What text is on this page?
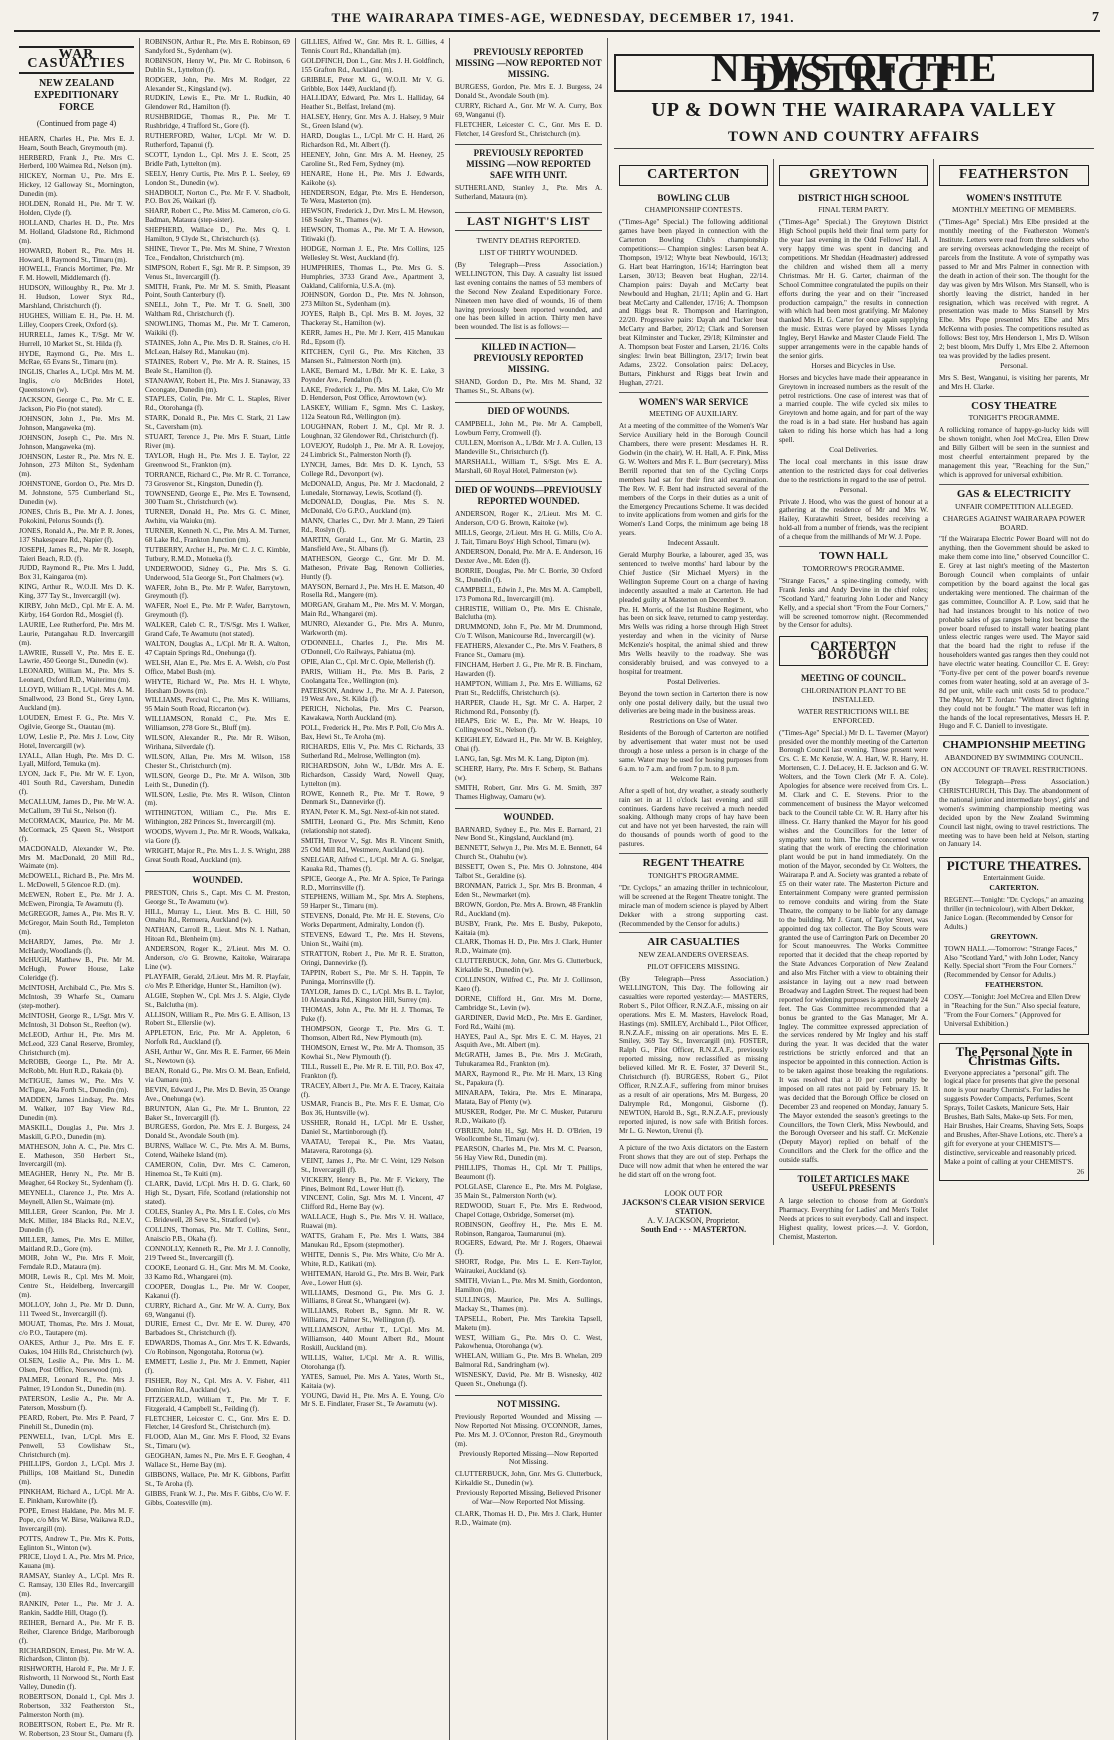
THE WAIRARAPA TIMES-AGE, WEDNESDAY, DECEMBER 17, 1941.	7
WAR CASUALTIES
NEW ZEALAND EXPEDITIONARY FORCE
(Continued from page 4)

HEARN, Charles H., Pte. Mrs E. J. Hearn, South Beach, Greymouth (m).

HERBERD, Frank J., Pte. Mrs C. Herberd, 100 Waimea Rd., Nelson (m).

HICKEY, Norman U., Pte. Mrs E. Hickey, 12 Galloway St., Mornington, Dunedin (m).

HOLDEN, Ronald H., Pte. Mr T. W. Holden, Clyde (f).

HOLLAND, Charles H. D., Pte. Mrs M. Holland, Gladstone Rd., Richmond (m).

HOWARD, Robert R., Pte. Mrs H. Howard, 8 Raymond St., Timaru (m).

HOWELL, Francis Mortimer, Pte. Mr F. M. Howell, Middlemarch (f).

HUDSON, Willoughby R., Pte. Mr J. H. Hudson, Lower Styx Rd., Marshland, Christchurch (f).

HUGHES, William E. H., Pte. H. M. Lilley, Coopers Creek, Oxford (s).

HURRELL, James K., T/Sgt. Mr W. Hurrell, 10 Market St., St. Hilda (f).

HYDE, Raymond G., Pte. Mrs L. McRae, 65 Evans St., Timaru (m).

INGLIS, Charles A., L/Cpl. Mrs M. M. Inglis, c/o McBrides Hotel, Queenstown (w).

JACKSON, George C., Pte. Mr C. E. Jackson, Pio Pio (not stated).

JOHNSON, John J., Pte. Mrs M. Johnson, Mangaweka (m).

JOHNSON, Joseph C., Pte. Mrs N. Johnson, Mangaweka (m).

JOHNSON, Lester R., Pte. Mrs N. E. Johnson, 273 Milton St., Sydenham (m).

JOHNSTONE, Gordon O., Pte. Mrs D. M. Johnstone, 575 Cumberland St., Dunedin (w).

JONES, Chris B., Pte. Mr A. J. Jones, Pokokini, Pelorus Sounds (f).

JONES, Ronald A., Pte. Mr P. R. Jones, 137 Shakespeare Rd., Napier (f).

JOSEPH, James R., Pte. Mr R. Joseph, Taieri Beach, R.D. (f).

JUDD, Raymond R., Pte. Mrs I. Judd, Box 31, Kaingaroa (m).

KING, Arthur R., W.O.II. Mrs D. K. King, 377 Tay St., Invercargill (w).

KIRBY, John McD., Cpl. Mr E. A. M. Kirby, 164 Gordon Rd., Mosgiel (f).

LAURIE, Lee Rutherford, Pte. Mrs M. Laurie, Putangahau R.D. Invercargill (m).

LAWRIE, Russell V., Pte. Mrs E. E. Lawrie, 450 George St., Dunedin (w).

LEONARD, William M., Pte. Mrs S. Leonard, Oxford R.D., Waiterimu (m).

LLOYD, William R., L/Cpl. Mrs A. M. Smallwood, 23 Bond St., Grey Lynn, Auckland (m).

LOUDEN, Ernest F. G., Pte. Mrs V. Ogilvie, George St., Otautau (m).

LOW, Leslie P., Pte. Mrs J. Low, City Hotel, Invercargill (w).

LYALL, Allan Hugh, Pte. Mrs D. C. Lyall, Milford, Temuka (m).

LYON, Jack F., Pte. Mr W. F. Lyon, 401 South Rd., Caversham, Dunedin (f).

McCALLUM, James D., Pte. Mr W. A. McCallum, 39 Tui St., Nelson (f).

McCORMACK, Maurice, Pte. Mr M. McCormack, 25 Queen St., Westport (f).

MACDONALD, Alexander W., Pte. Mrs M. MacDonald, 20 Mill Rd., Waimate (m).

McDOWELL, Richard B., Pte. Mrs M. L. McDowell, 5 Glencoe R.D. (m).

McEWEN, Robert E., Pte. Mr J. A. McEwen, Pirongia, Te Awamutu (f).

McGREGOR, James A., Pte. Mrs R. V. McGregor, Main South Rd., Templeton (m).

McHARDY, James, Pte. Mr J. McHardy, Woodlands (f).

McHUGH, Matthew B., Pte. Mr M. McHugh, Power House, Lake Coleridge (f).

McINTOSH, Archibald C., Pte. Mrs S. McIntosh, 39 Wharfe St., Oamaru (step-mother).

McINTOSH, George R., L/Sgt. Mrs V. McIntosh, 31 Dobson St., Reefton (w).

McLEOD, Arthur H., Pte. Mrs M. McLeod, 323 Canal Reserve, Bromley, Christchurch (m).

McROBB, George L., Pte. Mr A. McRobb, Mt. Hutt R.D., Rakaia (b).

McTIGUE, James W., Pte. Mrs V. McTigue, 24a Forth St., Dunedin (m).

MADDEN, James Lindsay, Pte. Mrs M. Walker, 107 Bay View Rd., Dunedin (m).

MASKILL, Douglas J., Pte. Mrs J. Maskill, G.P.O., Dunedin (m).

MATHESON, John A. C., Pte. Mrs C. E. Matheson, 350 Herbert St., Invercargill (m).

MEAGHER, Henry N., Pte. Mr B. Meagher, 64 Rockey St., Sydenham (f).

MEYNELL, Clarence J., Pte. Mrs A. Meynell, Allen St., Waimate (m).

MILLER, Greer Scanlon, Pte. Mr J. McK. Miller, 184 Blacks Rd., N.E.V., Dunedin (f).

MILLER, James, Pte. Mrs E. Miller, Maitland R.D., Gore (m).

MOIR, John W., Pte. Mrs F. Moir, Ferndale R.D., Mataura (m).

MOIR, Lewis R., Cpl. Mrs M. Moir, Centre St., Heidelberg, Invercargill (m).

MOLLOY, John J., Pte. Mr D. Dunn, 111 Tweed St., Invercargill (f).

MOUAT, Thomas, Pte. Mrs J. Mouat, c/o P.O., Tautapere (m).

OAKES, Arthur J., Pte. Mrs E. F. Oakes, 104 Hills Rd., Christchurch (w).

OLSEN, Leslie A., Pte. Mrs L. M. Olsen, Post Office, Norsewood (m).

PALMER, Leonard R., Pte. Mrs J. Palmer, 19 London St., Dunedin (m).

PATERSON, Leslie A., Pte. Mr A. Paterson, Mossburn (f).

PEARD, Robert, Pte. Mrs P. Peard, 7 Pinehill St., Dunedin (m).

PENWELL, Ivan, L/Cpl. Mrs E. Penwell, 53 Cowlishaw St., Christchurch (m).

PHILLIPS, Gordon J., L/Cpl. Mrs J. Phillips, 108 Maitland St., Dunedin (m).

PINKHAM, Richard A., L/Cpl. Mr A. E. Pinkham, Kurowhite (f).

POPE, Ernest Haldane, Pte. Mrs M. F. Pope, c/o Mrs W. Birse, Waikawa R.D., Invercargill (m).

POTTS, Andrew T., Pte. Mrs K. Potts, Eglinton St., Winton (w).

PRICE, Lloyd I. A., Pte. Mrs M. Price, Kauana (m).

RAMSAY, Stanley A., L/Cpl. Mrs R. C. Ramsay, 130 Elles Rd., Invercargill (m).

RANKIN, Peter L., Pte. Mr J. A. Rankin, Saddle Hill, Otago (f).

REIHER, Bernard A., Pte. Mr F. B. Reiher, Clarence Bridge, Marlborough (f).

RICHARDSON, Ernest, Pte. Mr W. A. Richardson, Clinton (b).

RISHWORTH, Harold F., Pte. Mr J. F. Rishworth, 11 Norwood St., North East Valley, Dunedin (f).

ROBERTSON, Donald I., Cpl. Mrs J. Robertson, 332 Featherston St., Palmerston North (m).

ROBERTSON, Robert E., Pte. Mr R. W. Robertson, 23 Stour St., Oamaru (f).

ROBINSON, Arthur R., Pte. Mrs E. Robinson, 69 Sandyford St., Sydenham (w).

ROBINSON, Henry W., Pte. Mr C. Robinson, 6 Dublin St., Lyttelton (f).

RODGER, John, Pte. Mrs M. Rodger, 22 Alexander St., Kingsland (w).

RUDKIN, Lewis E., Pte. Mr L. Rudkin, 40 Glendower Rd., Hamilton (f).

RUSHBRIDGE, Thomas R., Pte. Mr T. Rushbridge, 4 Trafford St., Gore (f).

RUTHERFORD, Walter, L/Cpl. Mr W. D. Rutherford, Tapanui (f).

SCOTT, Lyndon L., Cpl. Mrs J. E. Scott, 25 Bridle Path, Lyttelton (m).

SEELY, Henry Curtis, Pte. Mrs P. L. Seeley, 69 London St., Dunedin (w).

SHADBOLT, Norton C., Pte. Mr F. V. Shadbolt, P.O. Box 26, Waikari (f).

SHARP, Robert C., Pte. Miss M. Cameron, c/o G. Badman, Mataura (step-sister).

SHEPHERD, Wallace D., Pte. Mrs Q. I. Hamilton, 9 Clyde St., Christchurch (s).

SHINE, Trevor T., Pte. Mrs M. Shine, 7 Wrexton Tce., Fendalton, Christchurch (m).

SIMPSON, Robert F., Sgt. Mr R. P. Simpson, 39 Venus St., Invercargill (f).

SMITH, Frank, Pte. Mr M. S. Smith, Pleasant Point, South Canterbury (f).

SNELL, John T., Pte. Mr T. G. Snell, 300 Waltham Rd., Christchurch (f).

SNOWLING, Thomas M., Pte. Mr T. Cameron, Waikiki (f).

STAINES, John A., Pte. Mrs D. R. Staines, c/o H. McLean, Halsey Rd., Manukau (m).

STAINES, Robert V., Pte. Mr A. R. Staines, 15 Beale St., Hamilton (f).

STANAWAY, Robert H., Pte. Mrs J. Stanaway, 33 Cecongate, Dunedin (m).

STAPLES, Colin, Pte. Mr C. L. Staples, River Rd., Otorohanga (f).

STARK, Donald R., Pte. Mrs C. Stark, 21 Law St., Caversham (m).

STUART, Terence J., Pte. Mrs F. Stuart, Little River (m).

TAYLOR, Hugh H., Pte. Mrs J. E. Taylor, 22 Greenwood St., Frankton (m).

TORRANCE, Richard C., Pte. Mr R. C. Torrance, 73 Grosvenor St., Kingston, Dunedin (f).

TOWNSEND, George E., Pte. Mrs E. Townsend, 300 Tuam St., Christchurch (w).

TURNER, Donald H., Pte. Mrs G. C. Miner, Awhitu, via Waiuku (m).

TURNER, Kenneth N. C., Pte. Mrs A. M. Turner, 68 Lake Rd., Frankton Junction (m).

TUTBERRY, Archer H., Pte. Mr C. J. C. Kimble, Tutbury, R.M.D., Motueka (f).

UNDERWOOD, Sidney G., Pte. Mrs S. G. Underwood, 51a George St., Port Chalmers (w).

WAFER, John B., Pte. Mr P. Wafer, Barrytown, Greymouth (f).

WAFER, Noel E., Pte. Mr P. Wafer, Barrytown, Greymouth (f).

WALKER, Caleb C. R., T/S/Sgt. Mrs I. Walker, Grand Cafe, Te Awamutu (not stated).

WALTON, Douglas A., L/Cpl. Mr R. A. Walton, 47 Captain Springs Rd., Onehunga (f).

WELSH, Alan E., Pte. Mrs E. A. Welsh, c/o Post Office, Mabel Bush (m).

WHYTE, Richard W., Pte. Mrs H. I. Whyte, Horsham Downs (m).

WILLIAMS, Percival C., Pte. Mrs K. Williams, 95 Main South Road, Riccarton (w).

WILLIAMSON, Ronald C., Pte. Mrs E. Williamson, 278 Gore St., Bluff (m).

WILSON, Alexander R., Pte. Mr R. Wilson, Wirihana, Silverdale (f).

WILSON, Allan, Pte. Mrs M. Wilson, 158 Chester St., Christchurch (m).

WILSON, George D., Pte. Mr A. Wilson, 30b Leith St., Dunedin (f).

WILSON, Leslie, Pte. Mrs R. Wilson, Clinton (m).

WITHINGTON, William C., Pte. Mrs E. Withington, 282 Princes St., Invercargill (m).

WOODS, Wyvern J., Pte. Mr R. Woods, Walkaka, via Gore (f).

WRIGHT, Major R., Pte. Mrs L. J. S. Wright, 288 Great South Road, Auckland (m).

WOUNDED.

PRESTON, Chris S., Capt. Mrs C. M. Preston, George St., Te Awamutu (w).

HILL, Murray L., Lieut. Mrs B. C. Hill, 50 Omahu Rd., Remuera, Auckland (w).

NATHAN, Carroll R., Lieut. Mrs N. I. Nathan, Hitoan Rd., Blenheim (m).

ANDERSON, Roger K., 2/Lieut. Mrs M. O. Anderson, c/o G. Browne, Kaitoke, Wairarapa Line (w).

PLAYFAIR, Gerald, 2/Lieut. Mrs M. R. Playfair, c/o Mrs P. Etheridge, Hunter St., Hamilton (w).

ALGIE, Stephen W., Cpl. Mrs J. S. Algie, Clyde St., Balclutha (m).

ALLISON, William R., Pte. Mrs G. E. Allison, 13 Robert St., Ellerslie (w).

APPLETON, Eric, Pte. Mr A. Appleton, 6 Norfolk Rd., Auckland (f).

ASH, Arthur W., Gnr. Mrs R. E. Farmer, 66 Mein St., Newtown (s).

BEAN, Ronald G., Pte. Mrs O. M. Bean, Enfield, via Oamaru (m).

BEVIN, Edward J., Pte. Mrs D. Bevin, 35 Orange Ave., Onehunga (w).

BRUNTON, Alan G., Pte. Mr L. Brunton, 22 Baker St., Invercargill (f).

BURGESS, Gordon, Pte. Mrs E. J. Burgess, 24 Donald St., Avondale South (m).

BURNS, Wallace W. C., Pte. Mrs A. M. Burns, Cotend, Waiheke Island (m).

CAMERON, Colin, Dvr. Mrs C. Cameron, Hinemoa St., Te Kuiti (m).

CLARK, David, L/Cpl. Mrs H. D. G. Clark, 60 High St., Dysart, Fife, Scotland (relationship not stated).

COLES, Stanley A., Pte. Mrs I. E. Coles, c/o Mrs C. Bridewell, 28 Seve St., Stratford (w).

COLLINS, Thomas, Pte. Mr T. Collins, Senr., Anaiscio P.B., Okaha (f).

CONNOLLY, Kenneth R., Pte. Mr J. J. Connolly, 219 Tweed St., Invercargill (f).

COOKE, Leonard G. H., Gnr. Mrs M. M. Cooke, 33 Kamo Rd., Whangarei (m).

COOPER, Douglas L., Pte. Mr W. Cooper, Kakanui (f).

CURRY, Richard A., Gnr. Mr W. A. Curry, Box 69, Wanganui (f).

DURIE, Ernest C., Dvr. Mr E. W. Durey, 470 Barbadoes St., Christchurch (f).

EDWARDS, Thomas A., Gnr. Mrs T. K. Edwards, C/o Robinson, Ngongotaha, Rotorua (w).

EMMETT, Leslie J., Pte. Mr J. Emmett, Napier (f).

FISHER, Roy N., Cpl. Mrs A. V. Fisher, 411 Dominion Rd., Auckland (w).

FITZGERALD, William T., Pte. Mr T. F. Fitzgerald, 4 Campbell St., Feilding (f).

FLETCHER, Leicester C. C., Gnr. Mrs E. D. Fletcher, 14 Gresford St., Christchurch (m).

FLOOD, Alan M., Gnr. Mrs F. Flood, 32 Evans St., Timaru (w).

GEOGHAN, James N., Pte. Mrs E. F. Geoghan, 4 Wallace St., Herne Bay (m).

GIBBONS, Wallace, Pte. Mr K. Gibbons, Parfitt St., Te Aroha (f).

GIBBS, Frank W. J., Pte. Mrs F. Gibbs, C/o W. F. Gibbs, Coatesville (m).

GILLIES, Alfred W., Gnr. Mrs R. L. Gillies, 4 Tennis Court Rd., Khandallah (m).

GOLDFINCH, Don L., Gnr. Mrs J. H. Goldfinch, 155 Grafton Rd., Auckland (m).

GRIBBLE, Peter M. G., W.O.II. Mr V. G. Gribble, Box 1449, Auckland (f).

HALLIDAY, Edward, Pte. Mrs L. Halliday, 64 Heather St., Belfast, Ireland (m).

HALSEY, Henry, Gnr. Mrs A. J. Halsey, 9 Muir St., Green Island (w).

HARD, Douglas L., L/Cpl. Mr C. H. Hard, 26 Richardson Rd., Mt. Albert (f).

HEENEY, John, Gnr. Mrs A. M. Heeney, 25 Caroline St., Red Fern, Sydney (m).

HENARE, Hone H., Pte. Mrs J. Edwards, Kaikohe (s).

HENDERSON, Edgar, Pte. Mrs E. Henderson, Te Wera, Masterton (m).

HEWSON, Frederick J., Dvr. Mrs L. M. Hewson, 168 Sealey St., Thames (w).

HEWSON, Thomas A., Pte. Mr T. A. Hewson, Titiwaki (f).

HODGE, Norman J. E., Pte. Mrs Collins, 125 Wellesley St. West, Auckland (fr).

HUMPHRIES, Thomas L., Pte. Mrs G. S. Humphries, 3733 Grand Ave., Apartment 3, Oakland, California, U.S.A. (m).

JOHNSON, Gordon D., Pte. Mrs N. Johnson, 273 Milton St., Sydenham (m).

JOYES, Ralph B., Cpl. Mrs B. M. Joyes, 32 Thackeray St., Hamilton (w).

KERR, James H., Pte. Mr J. Kerr, 415 Manukau Rd., Epsom (f).

KITCHEN, Cyril G., Pte. Mrs Kitchen, 33 Mansen St., Palmerston North (m).

LAKE, Bernard M., L/Bdr. Mr K. E. Lake, 3 Poynder Ave., Fendalton (f).

LAKE, Frederick J., Pte. Mrs M. Lake, C/o Mr D. Henderson, Post Office, Arrowtown (w).

LASKEY, William F., Sgmn. Mrs C. Laskey, 112a Seatoun Rd., Wellington (m).

LOUGHNAN, Robert J. M., Cpl. Mr R. J. Loughnan, 32 Glendower Rd., Christchurch (f).

LOVEJOY, Rudolph J., Pte. Mr A. R. Lovejoy, 24 Limbrick St., Palmerston North (f).

LYNCH, James, Bdr. Mrs D. K. Lynch, 53 College Rd., Devonport (w).

McDONALD, Angus, Pte. Mr J. Macdonald, 2 Lunedale, Stornaway, Lewis, Scotland (f).

McDONALD, Douglas, Pte. Mrs S. N. McDonald, C/o G.P.O., Auckland (m).

MANN, Charles C., Dvr. Mr J. Mann, 29 Taieri Rd., Roslyn (f).

MARTIN, Gerald L., Gnr. Mr G. Martin, 23 Mansfield Ave., St. Albans (f).

MATHESON, George C., Gnr. Mr D. M. Matheson, Private Bag, Renown Collieries, Huntly (f).

MAYSON, Bernard J., Pte. Mrs H. E. Matson, 40 Rosella Rd., Mangere (m).

MORGAN, Graham M., Pte. Mrs M. V. Morgan, Main Rd., Whangarei (m).

MUNRO, Alexander G., Pte. Mrs A. Munro, Warkworth (m).

O'DONNELL, Charles J., Pte. Mrs M. O'Donnell, C/o Railways, Pahiatua (m).

OPIE, Alan C., Cpl. Mr C. Opie, Mellerish (f).

PARIS, William H., Pte. Mrs B. Paris, 2 Coolangatta Tce., Wellington (m).

PATERSON, Andrew J., Pte. Mr A. J. Paterson, 19 West Ave., St. Kilda (f).

PERICH, Nicholas, Pte. Mrs C. Pearson, Kawakawa, North Auckland (m).

POLL, Frederick H., Pte. Mrs P. Poll, C/o Mrs A. Bax, Hewi St., Te Aroha (m).

RICHARDS, Ellis V., Pte. Mrs C. Richards, 33 Sutherland Rd., Melrose, Wellington (m).

RICHARDSON, John W., L/Bdr. Mrs A. E. Richardson, Cassidy Ward, Nowell Quay, Lyttelton (m).

ROWE, Kenneth R., Pte. Mr T. Rowe, 9 Denmark St., Dannevirke (f).

RYAN, Peter K. M., Sgt. Next-of-kin not stated.

SMITH, Leonard G., Pte. Mrs Schmitt, Keno (relationship not stated).

SMITH, Trevor V., Sgt. Mrs R. Vincent Smith, 25 Old Mill Rd., Westmere, Auckland (m).

SNELGAR, Alfred C., L/Cpl. Mr A. G. Snelgar, Kauaka Rd., Thames (f).

SPICE, George A., Pte. Mr A. Spice, Te Paringa R.D., Morrinsville (f).

STEPHENS, William M., Spr. Mrs A. Stephens, 59 Harper St., Timaru (m).

STEVENS, Donald, Pte. Mr H. E. Stevens, C/o Works Department, Admiralty, London (f).

STEVENS, Edward T., Pte. Mrs H. Stevens, Union St., Waihi (m).

STRATTON, Robert J., Pte. Mr R. E. Stratton, Oringi, Dannevirke (f).

TAPPIN, Robert S., Pte. Mr S. H. Tappin, Te Puninga, Morrinsville (f).

TAYLOR, James D. C., L/Cpl. Mrs B. L. Taylor, 10 Alexandra Rd., Kingston Hill, Surrey (m).

THOMAS, John A., Pte. Mr H. J. Thomas, Te Puke (f).

THOMPSON, George T., Pte. Mrs G. T. Thomson, Albert Rd., New Plymouth (m).

THOMSON, Ernest W., Pte. Mr A. Thomson, 35 Kowhai St., New Plymouth (f).

TILL, Russell E., Pte. Mr R. E. Till, P.O. Box 47, Frankton (f).

TRACEY, Albert J., Pte. Mr A. E. Tracey, Kaitaia (f).

USMAR, Francis B., Pte. Mrs F. E. Usmar, C/o Box 36, Huntsville (w).

USSHER, Ronald H., L/Cpl. Mr E. Ussher, Daniel St., Martinborough (f).

VAATAU, Terepai K., Pte. Mrs Vaatau, Matavera, Rarotonga (s).

VEINT, James J., Pte. Mr C. Veint, 129 Nelson St., Invercargill (f).

VICKERY, Henry B., Pte. Mr F. Vickery, The Pines, Belmont Rd., Lower Hutt (f).

VINCENT, Colin, Sgt. Mrs M. I. Vincent, 47 Clifford Rd., Herne Bay (w).

WALLACE, Hugh S., Pte. Mrs V. H. Wallace, Ruawai (m).

WATTS, Graham F., Pte. Mrs I. Watts, 384 Manukau Rd., Epsom (stepmother).

WHITE, Dennis S., Pte. Mrs White, C/o Mr A. White, R.D., Katikati (m).

WHITEMAN, Harold G., Pte. Mrs B. Weir, Park Ave., Lower Hutt (s).

WILLIAMS, Desmond G., Pte. Mrs G. J. Williams, 8 Great St., Whangarei (w).

WILLIAMS, Robert B., Sgmn. Mr R. W. Williams, 21 Palmer St., Wellington (f).

WILLIAMSON, Arthur T., L/Cpl. Mrs M. Williamson, 440 Mount Albert Rd., Mount Roskill, Auckland (m).

WILLIS, Walter, L/Cpl. Mr A. R. Willis, Otorohanga (f).

YATES, Samuel, Pte. Mrs A. Yates, Worth St., Kaitaia (w).

YOUNG, David H., Pte. Mrs A. E. Young, C/o Mr S. E. Findlater, Fraser St., Te Awamutu (w).

PREVIOUSLY REPORTED MISSING —NOW REPORTED NOT MISSING.

BURGESS, Gordon, Pte. Mrs E. J. Burgess, 24 Donald St., Avondale South (m).

CURRY, Richard A., Gnr. Mr W. A. Curry, Box 69, Wanganui (f).

FLETCHER, Leicester C. C., Gnr. Mrs E. D. Fletcher, 14 Gresford St., Christchurch (m).

PREVIOUSLY REPORTED MISSING —NOW REPORTED SAFE WITH UNIT.

SUTHERLAND, Stanley J., Pte. Mrs A. Sutherland, Mataura (m).

LAST NIGHT'S LIST
TWENTY DEATHS REPORTED.
LIST OF THIRTY WOUNDED.

(By Telegraph—Press Association.) WELLINGTON, This Day. A casualty list issued last evening contains the names of 53 members of the Second New Zealand Expeditionary Force. Nineteen men have died of wounds, 16 of them having previously been reported wounded, and one has been killed in action. Thirty men have been wounded. The list is as follows:—

KILLED IN ACTION—PREVIOUSLY REPORTED MISSING.

SHAND, Gordon D., Pte. Mrs M. Shand, 32 Thames St., St. Albans (w).

DIED OF WOUNDS.

CAMPBELL, John M., Pte. Mr A. Campbell, Lowburn Ferry, Cromwell (f).

CULLEN, Morrison A., L/Bdr. Mr J. A. Cullen, 13 Mandeville St., Christchurch (f).

MARSHALL, William T., S/Sgt. Mrs E. A. Marshall, 60 Royal Hotel, Palmerston (w).

DIED OF WOUNDS—PREVIOUSLY REPORTED WOUNDED.

ANDERSON, Roger K., 2/Lieut. Mrs M. C. Anderson, C/O G. Brown, Kaitoke (w).

MILLS, George, 2/Lieut. Mrs H. G. Mills, C/o A. J. Tait, Timaru Boys' High School, Timaru (w).

ANDERSON, Donald, Pte. Mr A. E. Anderson, 16 Dexter Ave., Mt. Eden (f).

BORRIE, Douglas, Pte. Mr C. Borrie, 30 Oxford St., Dunedin (f).

CAMPBELL, Edwin J., Pte. Mrs M. A. Campbell, 173 Pomona Rd., Invercargill (m).

CHRISTIE, William O., Pte. Mrs E. Chisnale, Balclutha (m).

DRUMMOND, John F., Pte. Mr M. Drummond, C/o T. Wilson, Manicourse Rd., Invercargill (w).

FEATHERS, Alexander C., Pte. Mrs V. Feathers, 8 France St., Oamaru (m).

FINCHAM, Herbert J. G., Pte. Mr R. B. Fincham, Hawarden (f).

HAMPTON, William J., Pte. Mrs E. Williams, 62 Pratt St., Redcliffs, Christchurch (s).

HARPER, Claude H., Sgt. Mr C. A. Harper, 2 Richmond Rd., Ponsonby (f).

HEAPS, Eric W. E., Pte. Mr W. Heaps, 10 Collingwood St., Nelson (f).

KEIGHLEY, Edward H., Pte. Mr W. B. Keighley, Ohai (f).

LANG, Ian, Sgt. Mrs M. K. Lang, Dipton (m).

SCHERP, Harry, Pte. Mrs F. Scherp, St. Bathans (w).

SMITH, Robert, Gnr. Mrs G. M. Smith, 397 Thames Highway, Oamaru (w).

WOUNDED.

BARNARD, Sydney E., Pte. Mrs E. Barnard, 21 New Bond St., Kingsland, Auckland (m).

BENNETT, Selwyn J., Pte. Mrs M. E. Bennett, 64 Church St., Otahuhu (w).

BISSETT, Owen S., Pte. Mrs O. Johnstone, 404 Talbot St., Geraldine (s).

BRONMAN, Patrick J., Spr. Mrs B. Bronman, 4 Eden St., Newmarket (m).

BROWN, Gordon, Pte. Mrs A. Brown, 48 Franklin Rd., Auckland (m).

BUSBY, Frank, Pte. Mrs E. Busby, Pukepoto, Kaitaia (m).

CLARK, Thomas H. D., Pte. Mrs J. Clark, Hunter R.D., Waimate (m).

CLUTTERBUCK, John, Gnr. Mrs G. Clutterbuck, Kirkaldie St., Dunedin (w).

COLLINSON, Wilfred C., Pte. Mr J. Collinson, Kaeo (f).

DORNE, Clifford H., Gnr. Mrs M. Dorne, Cambridge St., Levin (w).

GARDINER, David McD., Pte. Mrs E. Gardiner, Ford Rd., Waihi (m).

HAYES, Paul A., Spr. Mrs E. C. M. Hayes, 21 Asquith Ave., Mt. Albert (m).

McGRATH, James B., Pte. Mrs J. McGrath, Tuhukaramea Rd., Frankton (m).

MARX, Raymond R., Pte. Mr H. Marx, 13 King St., Papakura (f).

MINARAPA, Tekira, Pte. Mrs E. Minarapa, Matata, Bay of Plenty (w).

MUSKER, Rodger, Pte. Mr C. Musker, Putaruru R.D., Waikato (f).

O'BRIEN, John H., Sgt. Mrs H. D. O'Brien, 19 Woollcombe St., Timaru (w).

PEARSON, Charles M., Pte. Mrs M. C. Pearson, 56 Hay View Rd., Dunedin (m).

PHILLIPS, Thomas H., Cpl. Mr T. Phillips, Beaumont (f).

POLGLASE, Clarence E., Pte. Mrs M. Polglase, 35 Main St., Palmerston North (w).

REDWOOD, Stuart F., Pte. Mrs E. Redwood, Chapel Cottage, Oxbridge, Somerset (m).

ROBINSON, Geoffrey H., Pte. Mrs E. M. Robinson, Rangaroa, Taumarunui (m).

ROGERS, Edward, Pte. Mr J. Rogers, Ohaewai (f).

SHORT, Rodge, Pte. Mrs L. E. Kerr-Taylor, Wairaukei, Auckland (s).

SMITH, Vivian L., Pte. Mrs M. Smith, Gordonton, Hamilton (m).

SULLINGS, Maurice, Pte. Mrs A. Sullings, Mackay St., Thames (m).

TAPSELL, Robert, Pte. Mrs Tarekita Tapsell, Maketu (m).

WEST, William G., Pte. Mrs O. C. West, Pakowhenua, Otorohanga (w).

WHELAN, William G., Pte. Mrs B. Whelan, 209 Balmoral Rd., Sandringham (w).

WISNESKY, David, Pte. Mr B. Wisnesky, 402 Queen St., Onehunga (f).

NOT MISSING.

Previously Reported Wounded and Missing — Now Reported Not Missing. O'CONNOR, James, Pte. Mrs M. J. O'Connor, Preston Rd., Greymouth (m).

Previously Reported Missing—Now Reported Not Missing.

CLUTTERBUCK, John, Gnr. Mrs G. Clutterbuck, Kirkaldie St., Dunedin (w).

Previously Reported Missing, Believed Prisoner of War—Now Reported Not Missing.

CLARK, Thomas H. D., Pte. Mrs J. Clark, Hunter R.D., Waimate (m).

NEWS OF THE DISTRICT
UP & DOWN THE WAIRARAPA VALLEY
TOWN AND COUNTRY AFFAIRS
CARTERTON
BOWLING CLUB
CHAMPIONSHIP CONTESTS.

("Times-Age" Special.) The following additional games have been played in connection with the Carterton Bowling Club's championship competitions:— Champion singles: Larsen beat A. Thompson, 19/12; Whyte beat Newbould, 16/13; G. Hart beat Harrington, 16/14; Harrington beat Larsen, 30/13; Beaven beat Hughan, 22/14. Champion pairs: Dayah and McCarty beat Newbould and Hughan, 21/11; Aplin and G. Hart beat McCarty and Callender, 17/16; A. Thompson and Riggs beat R. Thompson and Harrington, 22/20. Progressive pairs: Dayah and Tucker beat McCarty and Barber, 20/12; Clark and Sorensen beat Kilminster and Tucker, 29/18; Kilminster and A. Thompson beat Foster and Larsen, 21/16. Colts singles: Irwin beat Billington, 23/17; Irwin beat Adams, 23/22. Consolation pairs: DeLacey, Buttars, Pinkhurst and Riggs beat Irwin and Hughan, 27/21.

WOMEN'S WAR SERVICE
MEETING OF AUXILIARY.

At a meeting of the committee of the Women's War Service Auxiliary held in the Borough Council Chambers, there were present: Mesdames H. R. Godwin (in the chair), W. H. Hall, A. F. Pink, Miss G. W. Wolters and Mrs F. L. Burr (secretary). Miss Berrill reported that ten of the Cycling Corps members had sat for their first aid examination. The Rev. W. F. Bent had instructed several of the members of the Corps in their duties as a unit of the Emergency Precautions Scheme. It was decided to invite applications from women and girls for the Women's Land Corps, the minimum age being 18 years.

Indecent Assault.

Gerald Murphy Bourke, a labourer, aged 35, was sentenced to twelve months' hard labour by the Chief Justice (Sir Michael Myers) in the Wellington Supreme Court on a charge of having indecently assaulted a male at Carterton. He had pleaded guilty at Masterton on December 9.

Pte. H. Morris, of the 1st Rushine Regiment, who has been on sick leave, returned to camp yesterday. Mrs Wells was riding a horse through High Street yesterday and when in the vicinity of Nurse McKenzie's hospital, the animal shied and threw Mrs Wells heavily to the roadway. She was considerably bruised, and was conveyed to a hospital for treatment.

Postal Deliveries.

Beyond the town section in Carterton there is now only one postal delivery daily, but the usual two deliveries are being made in the business areas.

Restrictions on Use of Water.

Residents of the Borough of Carterton are notified by advertisement that water must not be used through a hose unless a person is in charge of the same. Water may be used for hosing purposes from 6 a.m. to 7 a.m. and from 7 p.m. to 8 p.m.

Welcome Rain.

After a spell of hot, dry weather, a steady southerly rain set in at 11 o'clock last evening and still continues. Gardens have received a much needed soaking. Although many crops of hay have been cut and have not yet been harvested, the rain will do thousands of pounds worth of good to the pastures.

REGENT THEATRE
TONIGHT'S PROGRAMME.

"Dr. Cyclops," an amazing thriller in technicolour, will be screened at the Regent Theatre tonight. The miracle man of modern science is played by Albert Dekker with a strong supporting cast. (Recommended by the Censor for adults.)

AIR CASUALTIES
NEW ZEALANDERS OVERSEAS.
PILOT OFFICERS MISSING.

(By Telegraph—Press Association.) WELLINGTON, This Day. The following air casualties were reported yesterday:— MASTERS, Robert S., Pilot Officer, R.N.Z.A.F., missing on air operations. Mrs E. M. Masters, Havelock Road, Hastings (m). SMILEY, Archibald L., Pilot Officer, R.N.Z.A.F., missing on air operations. Mrs E. E. Smiley, 369 Tay St., Invercargill (m). FOSTER, Ralph G., Pilot Officer, R.N.Z.A.F., previously reported missing, now reclassified as missing believed killed. Mr R. E. Foster, 37 Deveril St., Christchurch (f). BURGESS, Robert G., Pilot Officer, R.N.Z.A.F., suffering from minor bruises as a result of air operations, Mrs M. Burgess, 20 Dalrymple Rd., Mongonui, Gisborne (f). NEWTON, Harold B., Sgt., R.N.Z.A.F., previously reported injured, is now safe with British forces. Mr L. G. Newton, Urenui (f).

A picture of the two Axis dictators on the Eastern Front shows that they are out of step. Perhaps the Duce will now admit that when he entered the war he did start off on the wrong foot.

LOOK OUT FOR
JACKSON'S CLEAR VISION SERVICE STATION.
A. V. JACKSON, Proprietor.
South End · · · MASTERTON.
GREYTOWN
DISTRICT HIGH SCHOOL
FINAL TERM PARTY.

("Times-Age" Special.) The Greytown District High School pupils held their final term party for the year last evening in the Odd Fellows' Hall. A very happy time was spent in dancing and competitions. Mr Sheddan (Headmaster) addressed the children and wished them all a merry Christmas. Mr H. G. Carter, chairman of the School Committee congratulated the pupils on their efforts during the year and on their "increased production campaign," the results in connection with which had been most gratifying. Mr Maloney thanked Mrs H. G. Carter for once again supplying the music. Extras were played by Misses Lynda Ingley, Beryl Hawke and Master Claude Field. The supper arrangements were in the capable hands of the senior girls.

Horses and Bicycles in Use.

Horses and bicycles have made their appearance in Greytown in increased numbers as the result of the petrol restrictions. One case of interest was that of a married couple. The wife cycled six miles to Greytown and home again, and for part of the way the road is in a bad state. Her husband has again taken to riding his horse which has had a long spell.

Coal Deliveries.

The local coal merchants in this issue draw attention to the restricted days for coal deliveries due to the restrictions in regard to the use of petrol.

Personal.

Private J. Hood, who was the guest of honour at a gathering at the residence of Mr and Mrs W. Hailey, Kuratawhiti Street, besides receiving a hold-all from a number of friends, was the recipient of a cheque from the millhands of Mr W. J. Pope.

TOWN HALL
TOMORROW'S PROGRAMME.

"Strange Faces," a spine-tingling comedy, with Frank Jenks and Andy Devine in the chief roles; "Scotland Yard," featuring John Loder and Nancy Kelly, and a special short "From the Four Corners," will be screened tomorrow night. (Recommended by the Censor for adults).

CARTERTON BOROUGH
MEETING OF COUNCIL.
CHLORINATION PLANT TO BE INSTALLED.
WATER RESTRICTIONS WILL BE ENFORCED.

("Times-Age" Special.) Mr D. L. Taverner (Mayor) presided over the monthly meeting of the Carterton Borough Council last evening. Those present were Crs. C. E. Mc Kenzie, W. A. Hart, W. R. Harry, H. Mortensen, C. J. DeLacey, H. E. Jackson and G. W. Wolters, and the Town Clerk (Mr F. A. Cole). Apologies for absence were received from Crs. L. M. Clark and C. E. Stevens. Prior to the commencement of business the Mayor welcomed back to the Council table Cr. W. R. Harry after his illness. Cr. Harry thanked the Mayor for his good wishes and the Councillors for the letter of sympathy sent to him. The firm concerned wrote stating that the work of erecting the chlorination plant would be put in hand immediately. On the motion of the Mayor, seconded by Cr. Wolters, the Wairarapa P. and A. Society was granted a rebate of £5 on their water rate. The Masterton Picture and Entertainment Company were granted permission to remove conduits and wiring from the State Theatre, the company to be liable for any damage to the building. Mr J. Grant, of Taylor Street, was appointed dog tax collector. The Boy Scouts were granted the use of Carrington Park on December 20 for Scout manoeuvres. The Works Committee reported that it decided that the cheap reported by the State Advances Corporation of New Zealand and also Mrs Fitcher with a view to obtaining their assistance in laying out a new road between Broadway and Lagden Street. The request had been reported for widening purposes is approximately 24 feet. The Gas Committee recommended that a bonus be granted to the Gas Manager, Mr A. Ingley. The committee expressed appreciation of the services rendered by Mr Ingley and his staff during the year. It was decided that the water restrictions be strictly enforced and that an inspector be appointed in this connection. Action is to be taken against those breaking the regulations. It was resolved that a 10 per cent penalty be imposed on all rates not paid by February 15. It was decided that the Borough Office be closed on December 23 and reopened on Monday, January 5. The Mayor extended the season's greetings to the Councillors, the Town Clerk, Miss Newbould, and the Borough Overseer and his staff. Cr. McKenzie (Deputy Mayor) replied on behalf of the Councillors and the Clerk for the office and the outside staffs.

TOILET ARTICLES MAKE USEFUL PRESENTS

A large selection to choose from at Gordon's Pharmacy. Everything for Ladies' and Men's Toilet Needs at prices to suit everybody. Call and inspect. Highest quality, lowest prices.—J. V. Gordon, Chemist, Masterton.

FEATHERSTON
WOMEN'S INSTITUTE
MONTHLY MEETING OF MEMBERS.

("Times-Age" Special.) Mrs Elbe presided at the monthly meeting of the Featherston Women's Institute. Letters were read from three soldiers who are serving overseas acknowledging the receipt of parcels from the Institute. A vote of sympathy was passed to Mr and Mrs Palmer in connection with the death in action of their son. The thought for the day was given by Mrs Wilson. Mrs Stansell, who is shortly leaving the district, handed in her resignation, which was received with regret. A presentation was made to Miss Stansell by Mrs Elbe. Mrs Pope presented Mrs Elbe and Mrs McKenna with posies. The competitions resulted as follows: Best toy, Mrs Henderson 1, Mrs D. Wilson 2; best bloom, Mrs Duffy 1, Mrs Elbe 2. Afternoon tea was provided by the ladies present.

Personal.

Mrs S. Best, Wanganui, is visiting her parents, Mr and Mrs H. Clarke.

COSY THEATRE
TONIGHT'S PROGRAMME.

A rollicking romance of happy-go-lucky kids will be shown tonight, when Joel McCrea, Ellen Drew and Billy Gilbert will be seen in the sunniest and most cheerful entertainment prepared by the management this year, "Reaching for the Sun," which is approved for universal exhibition.

GAS & ELECTRICITY
UNFAIR COMPETITION ALLEGED.
CHARGES AGAINST WAIRARAPA POWER BOARD.

"If the Wairarapa Electric Power Board will not do anything, then the Government should be asked to make them come into line," observed Councillor C. E. Grey at last night's meeting of the Masterton Borough Council when complaints of unfair competition by the board against the local gas undertaking were mentioned. The chairman of the gas committee, Councillor A. P. Low, said that he had had instances brought to his notice of two probable sales of gas ranges being lost because the power board refused to install water heating plant unless electric ranges were used. The Mayor said that the board had the right to refuse if the householders wanted gas ranges then they could not have electric water heating. Councillor C. E. Grey: "Forty-five per cent of the power board's revenue comes from water heating, sold at an average of 3-8d per unit, while each unit costs 5d to produce." The Mayor, Mr T. Jordan: "Without direct fighting they could not be fought." The matter was left in the hands of the local representatives, Messrs H. P. Hugo and F. C. Daniell to investigate.

CHAMPIONSHIP MEETING
ABANDONED BY SWIMMING COUNCIL.
ON ACCOUNT OF TRAVEL RESTRICTIONS.

(By Telegraph—Press Association.) CHRISTCHURCH, This Day. The abandonment of the national junior and intermediate boys', girls' and women's swimming championship meeting was decided upon by the New Zealand Swimming Council last night, owing to travel restrictions. The meeting was to have been held at Nelson, starting on January 14.

PICTURE THEATRES.
Entertainment Guide.
CARTERTON.

REGENT.—Tonight: "Dr. Cyclops," an amazing thriller (in technicolour), with Albert Dekker, Janice Logan. (Recommended by Censor for Adults.)

GREYTOWN.

TOWN HALL.—Tomorrow: "Strange Faces," Also "Scotland Yard," with John Loder, Nancy Kelly. Special short "From the Four Corners." (Recommended by Censor for Adults.)

FEATHERSTON.

COSY.—Tonight: Joel McCrea and Ellen Drew in "Reaching for the Sun." Also special feature, "From the Four Corners." (Approved for Universal Exhibition.)

The Personal Note in Christmas Gifts.

Everyone appreciates a "personal" gift. The logical place for presents that give the personal note is your nearby Chemist's. For ladies he suggests Powder Compacts, Perfumes, Scent Sprays, Toilet Caskets, Manicure Sets, Hair Brushes, Bath Salts, Make-up Sets. For men, Hair Brushes, Hair Creams, Shaving Sets, Soaps and Brushes, After-Shave Lotions, etc. There's a gift for everyone at your CHEMIST'S—distinctive, serviceable and reasonably priced. Make a point of calling at your CHEMIST'S.

26
